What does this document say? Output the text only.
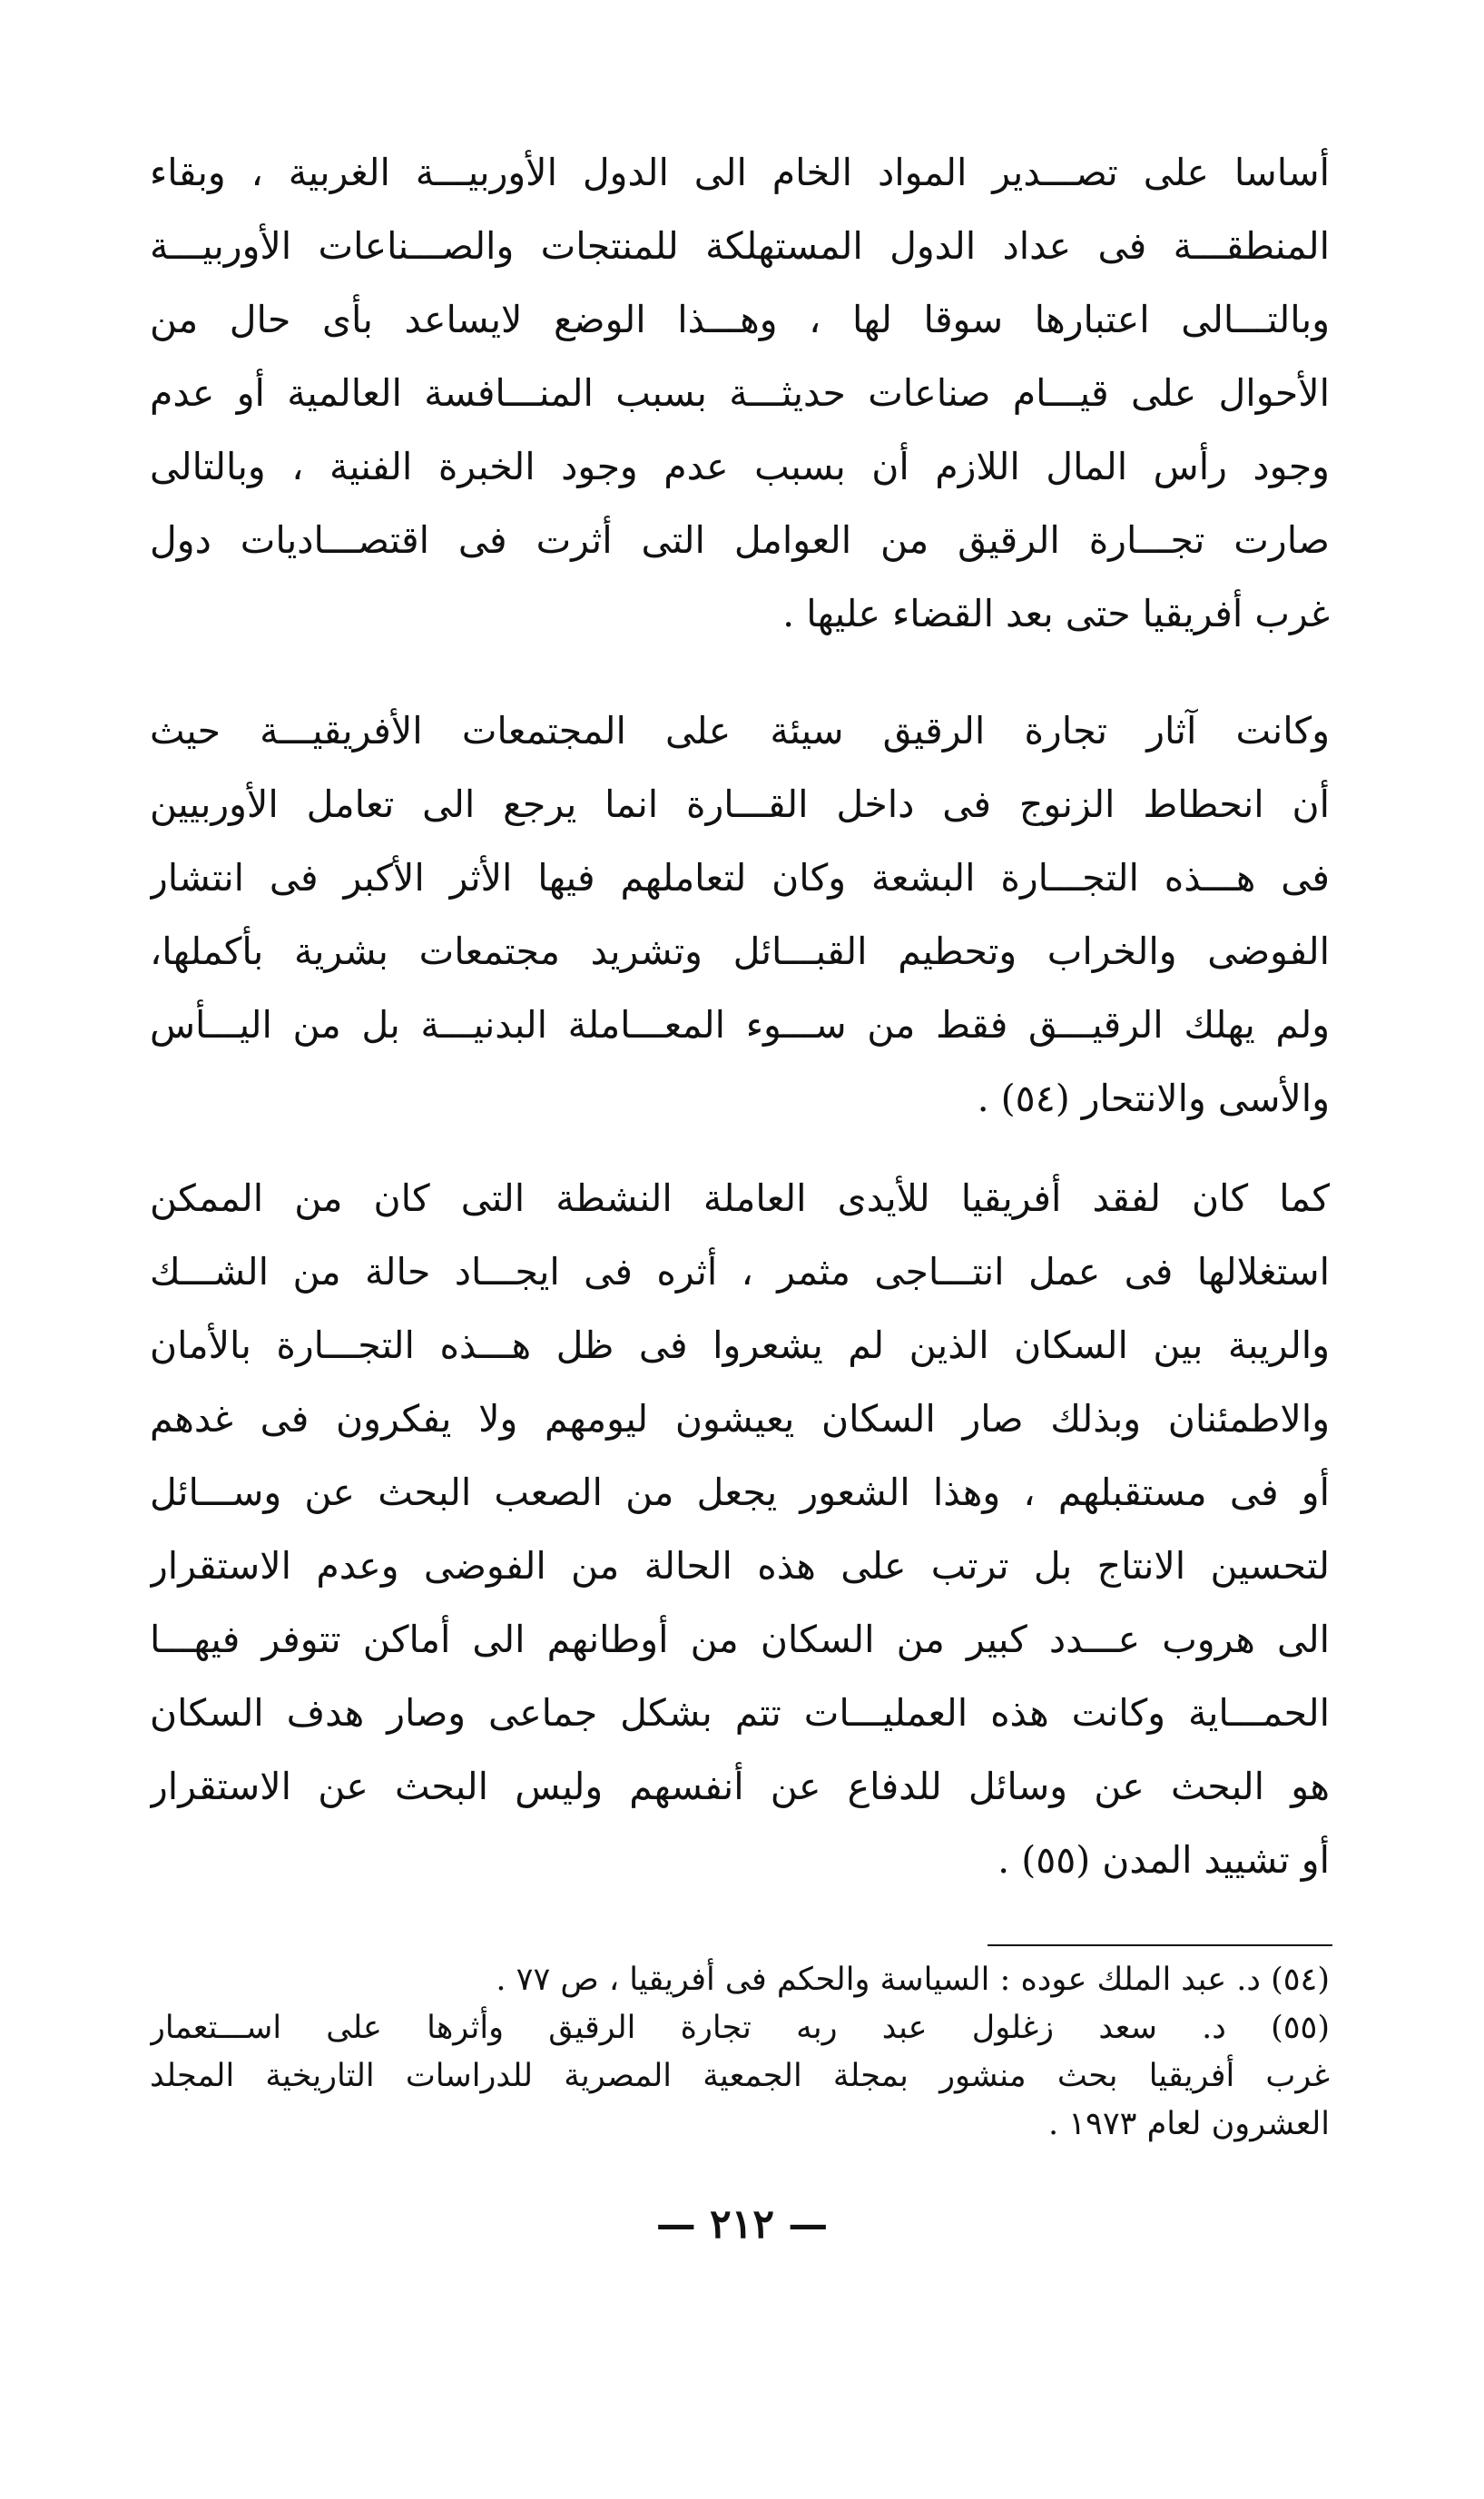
أساسا على تصـــدير المواد الخام الى الدول الأوربيـــة الغربية ، وبقاء
المنطقـــة فى عداد الدول المستهلكة للمنتجات والصـــناعات الأوربيـــة
وبالتـــالى اعتبارها سوقا لها ، وهـــذا الوضع لايساعد بأى حال من
الأحوال على قيـــام صناعات حديثـــة بسبب المنـــافسة العالمية أو عدم
وجود رأس المال اللازم أن بسبب عدم وجود الخبرة الفنية ، وبالتالى
صارت تجـــارة الرقيق من العوامل التى أثرت فى اقتصـــاديات دول
غرب أفريقيا حتى بعد القضاء عليها .
وكانت آثار تجارة الرقيق سيئة على المجتمعات الأفريقيـــة حيث
أن انحطاط الزنوج فى داخل القـــارة انما يرجع الى تعامل الأوربيين
فى هـــذه التجـــارة البشعة وكان لتعاملهم فيها الأثر الأكبر فى انتشار
الفوضى والخراب وتحطيم القبـــائل وتشريد مجتمعات بشرية بأكملها،
ولم يهلك الرقيـــق فقط من ســـوء المعـــاملة البدنيـــة بل من اليـــأس
والأسى والانتحار (٥٤) .
كما كان لفقد أفريقيا للأيدى العاملة النشطة التى كان من الممكن
استغلالها فى عمل انتـــاجى مثمر ، أثره فى ايجـــاد حالة من الشـــك
والريبة بين السكان الذين لم يشعروا فى ظل هـــذه التجـــارة بالأمان
والاطمئنان وبذلك صار السكان يعيشون ليومهم ولا يفكرون فى غدهم
أو فى مستقبلهم ، وهذا الشعور يجعل من الصعب البحث عن وســـائل
لتحسين الانتاج بل ترتب على هذه الحالة من الفوضى وعدم الاستقرار
الى هروب عـــدد كبير من السكان من أوطانهم الى أماكن تتوفر فيهـــا
الحمـــاية وكانت هذه العمليـــات تتم بشكل جماعى وصار هدف السكان
هو البحث عن وسائل للدفاع عن أنفسهم وليس البحث عن الاستقرار
أو تشييد المدن (٥٥) .
(٥٤) د. عبد الملك عوده : السياسة والحكم فى أفريقيا ، ص ٧٧ .
(٥٥) د. سعد زغلول عبد ربه تجارة الرقيق وأثرها على اســـتعمار
غرب أفريقيا بحث منشور بمجلة الجمعية المصرية للدراسات التاريخية المجلد
العشرون لعام ١٩٧٣ .
— ٢١٢ —
